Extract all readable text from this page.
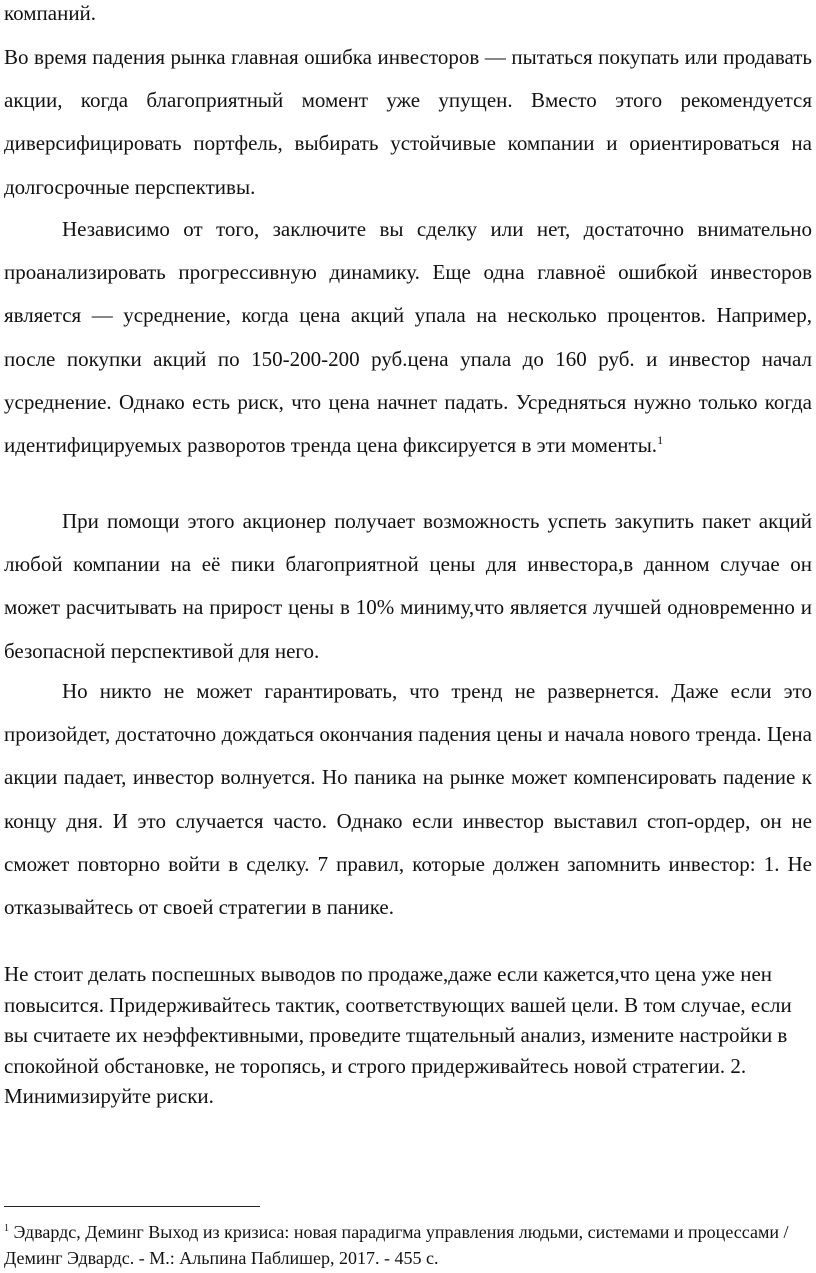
компаний.

Во время падения рынка главная ошибка инвесторов — пытаться покупать или продавать акции, когда благоприятный момент уже упущен. Вместо этого рекомендуется диверсифицировать портфель, выбирать устойчивые компании и ориентироваться на долгосрочные перспективы.

Независимо от того, заключите вы сделку или нет, достаточно внимательно проанализировать прогрессивную динамику. Еще одна главноё ошибкой инвесторов является — усреднение, когда цена акций упала на несколько процентов. Например, после покупки акций по 150-200-200 руб.цена упала до 160 руб. и инвестор начал усреднение. Однако есть риск, что цена начнет падать. Усредняться нужно только когда идентифицируемых разворотов тренда цена фиксируется в эти моменты.$^1$

При помощи этого акционер получает возможность успеть закупить пакет акций любой компании на её пики благоприятной цены для инвестора,в данном случае он может расчитывать на прирост цены в 10% миниму,что является лучшей одновременно и безопасной перспективой для него.

Но никто не может гарантировать, что тренд не развернется. Даже если это произойдет, достаточно дождаться окончания падения цены и начала нового тренда. Цена акции падает, инвестор волнуется. Но паника на рынке может компенсировать падение к концу дня. И это случается часто. Однако если инвестор выставил стоп-ордер, он не сможет повторно войти в сделку. 7 правил, которые должен запомнить инвестор: 1. Не отказывайтесь от своей стратегии в панике.

Не стоит делать поспешных выводов по продаже,даже если кажется,что цена уже нен повысится. Придерживайтесь тактик, соответствующих вашей цели. В том случае, если вы считаете их неэффективными, проведите тщательный анализ, измените настройки в спокойной обстановке, не торопясь, и строго придерживайтесь новой стратегии. 2. Минимизируйте риски.

$^1$ Эдвардс, Деминг Выход из кризиса: новая парадигма управления людьми, системами и процессами / Деминг Эдвардс. - М.: Альпина Паблишер, 2017. - 455 с.
